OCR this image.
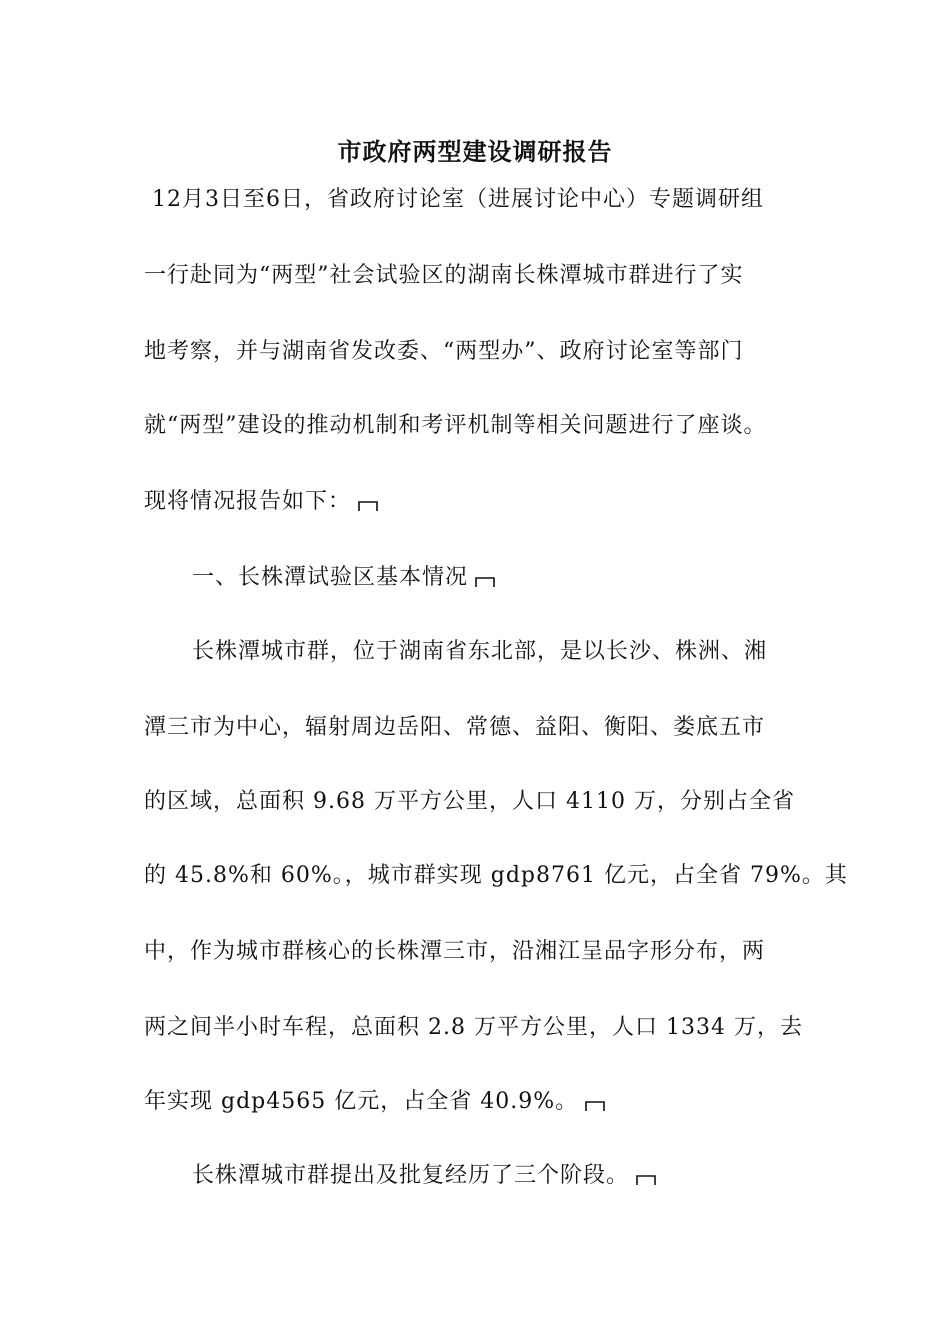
市政府两型建设调研报告
12月3日至6日，省政府讨论室（进展讨论中心）专题调研组
一行赴同为“两型”社会试验区的湖南长株潭城市群进行了实
地考察，并与湖南省发改委、“两型办”、政府讨论室等部门
就“两型”建设的推动机制和考评机制等相关问题进行了座谈。
现将情况报告如下：
一、长株潭试验区基本情况
长株潭城市群，位于湖南省东北部，是以长沙、株洲、湘
潭三市为中心，辐射周边岳阳、常德、益阳、衡阳、娄底五市
的区域，总面积 9.68 万平方公里，人口 4110 万，分别占全省
的 45.8%和 60%。，城市群实现 gdp8761 亿元，占全省 79%。其
中，作为城市群核心的长株潭三市，沿湘江呈品字形分布，两
两之间半小时车程，总面积 2.8 万平方公里，人口 1334 万，去
年实现 gdp4565 亿元，占全省 40.9%。
长株潭城市群提出及批复经历了三个阶段。
